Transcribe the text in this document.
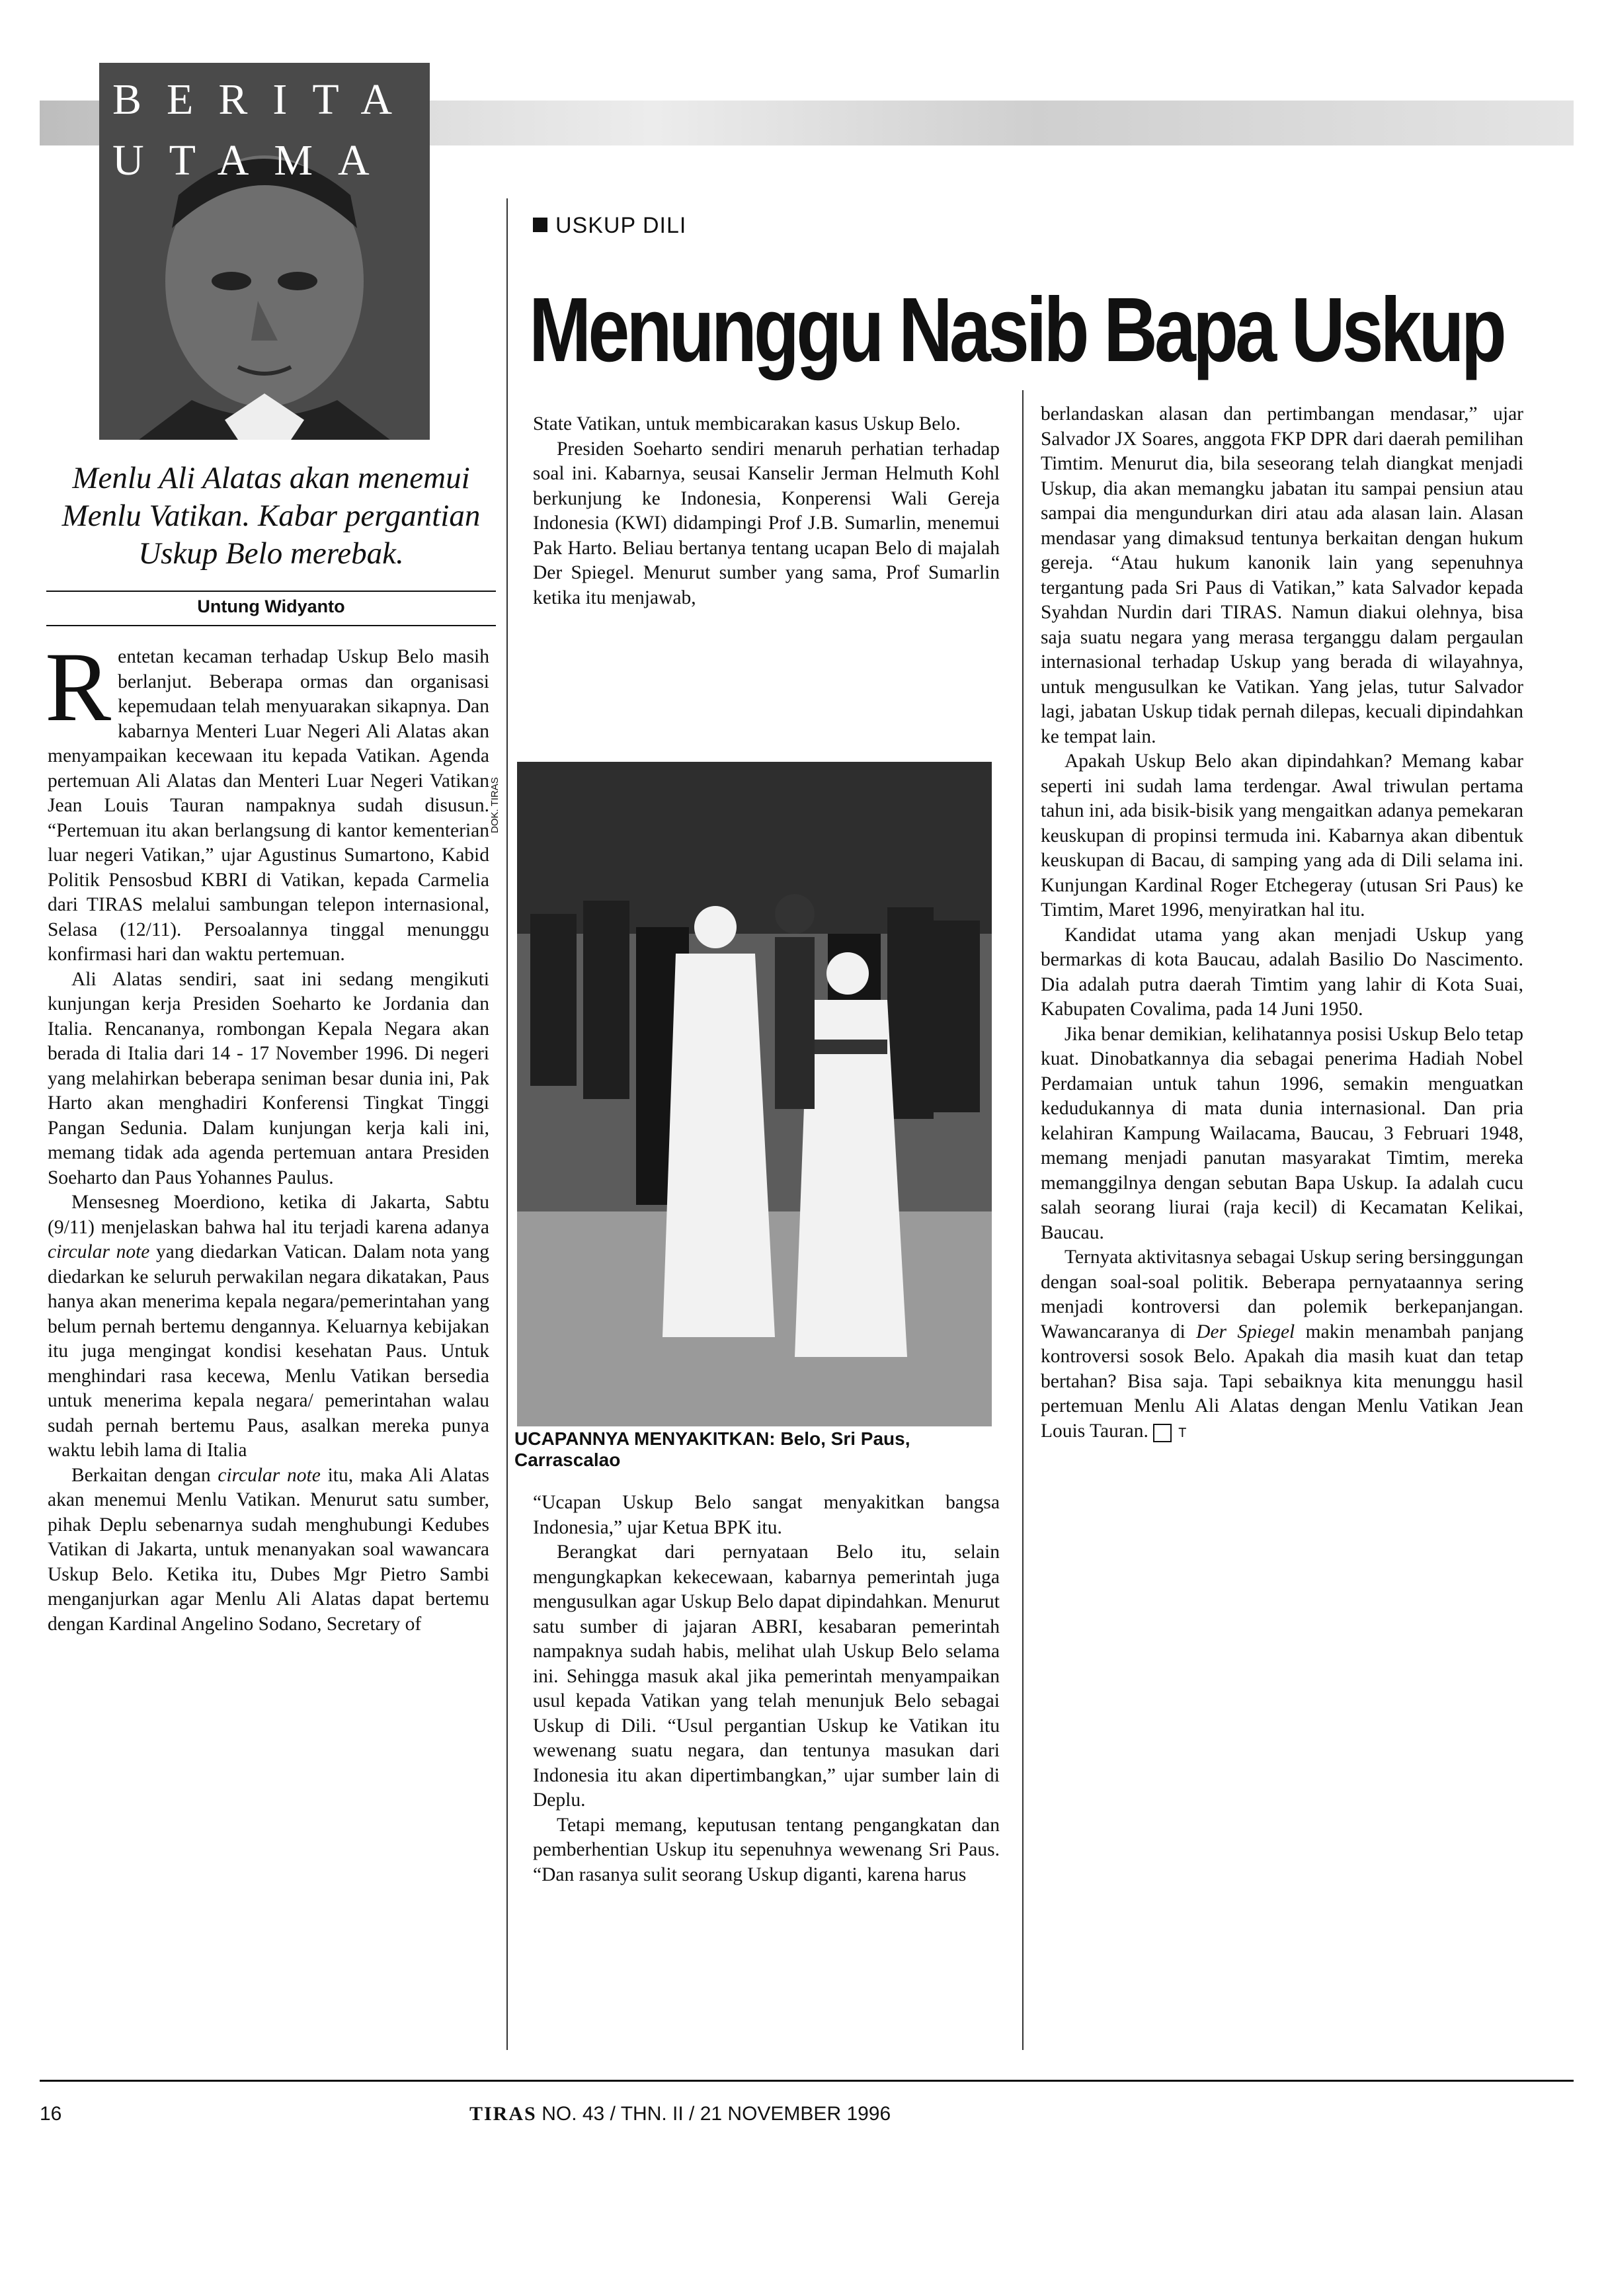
BERITA
UTAMA
Menlu Ali Alatas akan menemui Menlu Vatikan. Kabar pergantian Uskup Belo merebak.
Untung Widyanto
USKUP DILI
Menunggu Nasib Bapa Uskup

Rentetan kecaman terhadap Uskup Belo masih berlanjut. Beberapa ormas dan organisasi kepemudaan telah menyuarakan sikapnya. Dan kabarnya Menteri Luar Negeri Ali Alatas akan menyampaikan kecewaan itu kepada Vatikan. Agenda pertemuan Ali Alatas dan Menteri Luar Negeri Vatikan Jean Louis Tauran nampaknya sudah disusun. “Pertemuan itu akan berlangsung di kantor kementerian luar negeri Vatikan,” ujar Agustinus Sumartono, Kabid Politik Pensosbud KBRI di Vatikan, kepada Carmelia dari TIRAS melalui sambungan telepon internasional, Selasa (12/11). Persoalannya tinggal menunggu konfirmasi hari dan waktu pertemuan.

Ali Alatas sendiri, saat ini sedang mengikuti kunjungan kerja Presiden Soeharto ke Jordania dan Italia. Rencananya, rombongan Kepala Negara akan berada di Italia dari 14 - 17 November 1996. Di negeri yang melahirkan beberapa seniman besar dunia ini, Pak Harto akan menghadiri Konferensi Tingkat Tinggi Pangan Sedunia. Dalam kunjungan kerja kali ini, memang tidak ada agenda pertemuan antara Presiden Soeharto dan Paus Yohannes Paulus.

Mensesneg Moerdiono, ketika di Jakarta, Sabtu (9/11) menjelaskan bahwa hal itu terjadi karena adanya circular note yang diedarkan Vatican. Dalam nota yang diedarkan ke seluruh perwakilan negara dikatakan, Paus hanya akan menerima kepala negara/pemerintahan yang belum pernah bertemu dengannya. Keluarnya kebijakan itu juga mengingat kondisi kesehatan Paus. Untuk menghindari rasa kecewa, Menlu Vatikan bersedia untuk menerima kepala negara/ pemerintahan walau sudah pernah bertemu Paus, asalkan mereka punya waktu lebih lama di Italia

Berkaitan dengan circular note itu, maka Ali Alatas akan menemui Menlu Vatikan. Menurut satu sumber, pihak Deplu sebenarnya sudah menghubungi Kedubes Vatikan di Jakarta, untuk menanyakan soal wawancara Uskup Belo. Ketika itu, Dubes Mgr Pietro Sambi menganjurkan agar Menlu Ali Alatas dapat bertemu dengan Kardinal Angelino Sodano, Secretary of

State Vatikan, untuk membicarakan kasus Uskup Belo.

Presiden Soeharto sendiri menaruh perhatian terhadap soal ini. Kabarnya, seusai Kanselir Jerman Helmuth Kohl berkunjung ke Indonesia, Konperensi Wali Gereja Indonesia (KWI) didampingi Prof J.B. Sumarlin, menemui Pak Harto. Beliau bertanya tentang ucapan Belo di majalah Der Spiegel. Menurut sumber yang sama, Prof Sumarlin ketika itu menjawab,

DOK. TIRAS
UCAPANNYA MENYAKITKAN: Belo, Sri Paus, Carrascalao

“Ucapan Uskup Belo sangat menyakitkan bangsa Indonesia,” ujar Ketua BPK itu.

Berangkat dari pernyataan Belo itu, selain mengungkapkan kekecewaan, kabarnya pemerintah juga mengusulkan agar Uskup Belo dapat dipindahkan. Menurut satu sumber di jajaran ABRI, kesabaran pemerintah nampaknya sudah habis, melihat ulah Uskup Belo selama ini. Sehingga masuk akal jika pemerintah menyampaikan usul kepada Vatikan yang telah menunjuk Belo sebagai Uskup di Dili. “Usul pergantian Uskup ke Vatikan itu wewenang suatu negara, dan tentunya masukan dari Indonesia itu akan dipertimbangkan,” ujar sumber lain di Deplu.

Tetapi memang, keputusan tentang pengangkatan dan pemberhentian Uskup itu sepenuhnya wewenang Sri Paus. “Dan rasanya sulit seorang Uskup diganti, karena harus

berlandaskan alasan dan pertimbangan mendasar,” ujar Salvador JX Soares, anggota FKP DPR dari daerah pemilihan Timtim. Menurut dia, bila seseorang telah diangkat menjadi Uskup, dia akan memangku jabatan itu sampai pensiun atau sampai dia mengundurkan diri atau ada alasan lain. Alasan mendasar yang dimaksud tentunya berkaitan dengan hukum gereja. “Atau hukum kanonik lain yang sepenuhnya tergantung pada Sri Paus di Vatikan,” kata Salvador kepada Syahdan Nurdin dari TIRAS. Namun diakui olehnya, bisa saja suatu negara yang merasa terganggu dalam pergaulan internasional terhadap Uskup yang berada di wilayahnya, untuk mengusulkan ke Vatikan. Yang jelas, tutur Salvador lagi, jabatan Uskup tidak pernah dilepas, kecuali dipindahkan ke tempat lain.

Apakah Uskup Belo akan dipindahkan? Memang kabar seperti ini sudah lama terdengar. Awal triwulan pertama tahun ini, ada bisik-bisik yang mengaitkan adanya pemekaran keuskupan di propinsi termuda ini. Kabarnya akan dibentuk keuskupan di Bacau, di samping yang ada di Dili selama ini. Kunjungan Kardinal Roger Etchegeray (utusan Sri Paus) ke Timtim, Maret 1996, menyiratkan hal itu.

Kandidat utama yang akan menjadi Uskup yang bermarkas di kota Baucau, adalah Basilio Do Nascimento. Dia adalah putra daerah Timtim yang lahir di Kota Suai, Kabupaten Covalima, pada 14 Juni 1950.

Jika benar demikian, kelihatannya posisi Uskup Belo tetap kuat. Dinobatkannya dia sebagai penerima Hadiah Nobel Perdamaian untuk tahun 1996, semakin menguatkan kedudukannya di mata dunia internasional. Dan pria kelahiran Kampung Wailacama, Baucau, 3 Februari 1948, memang menjadi panutan masyarakat Timtim, mereka memanggilnya dengan sebutan Bapa Uskup. Ia adalah cucu salah seorang liurai (raja kecil) di Kecamatan Kelikai, Baucau.

Ternyata aktivitasnya sebagai Uskup sering bersinggungan dengan soal-soal politik. Beberapa pernyataannya sering menjadi kontroversi dan polemik berkepanjangan. Wawancaranya di Der Spiegel makin menambah panjang kontroversi sosok Belo. Apakah dia masih kuat dan tetap bertahan? Bisa saja. Tapi sebaiknya kita menunggu hasil pertemuan Menlu Ali Alatas dengan Menlu Vatikan Jean Louis Tauran. T

16	TIRAS NO. 43 / THN. II / 21 NOVEMBER 1996
